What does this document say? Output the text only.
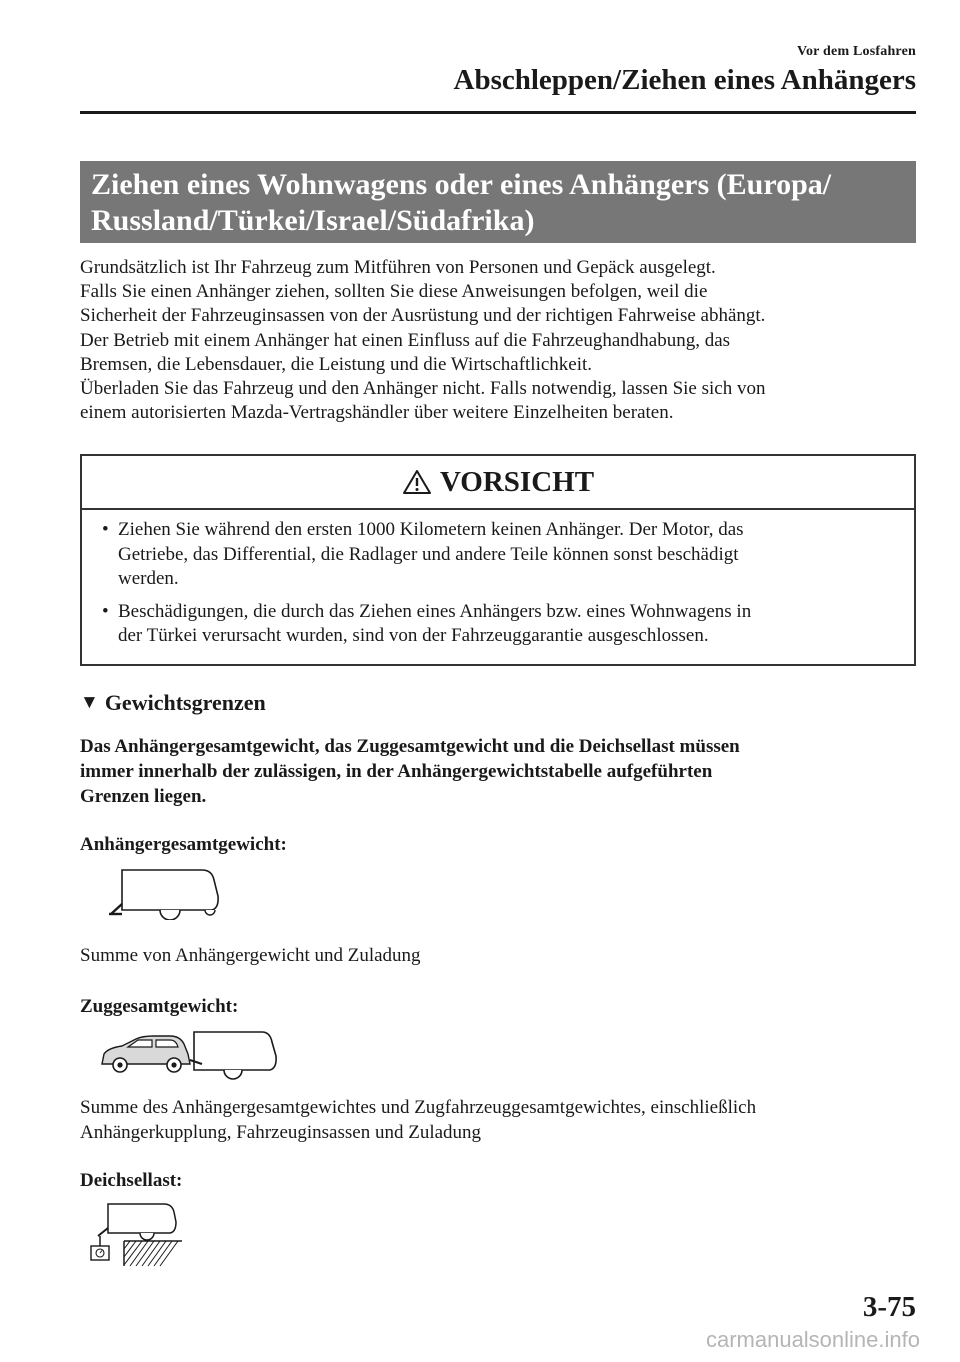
Vor dem Losfahren
Abschleppen/Ziehen eines Anhängers
Ziehen eines Wohnwagens oder eines Anhängers (Europa/
Russland/Türkei/Israel/Südafrika)

Grundsätzlich ist Ihr Fahrzeug zum Mitführen von Personen und Gepäck ausgelegt.

Falls Sie einen Anhänger ziehen, sollten Sie diese Anweisungen befolgen, weil die

Sicherheit der Fahrzeuginsassen von der Ausrüstung und der richtigen Fahrweise abhängt.

Der Betrieb mit einem Anhänger hat einen Einfluss auf die Fahrzeughandhabung, das

Bremsen, die Lebensdauer, die Leistung und die Wirtschaftlichkeit.

Überladen Sie das Fahrzeug und den Anhänger nicht. Falls notwendig, lassen Sie sich von

einem autorisierten Mazda-Vertragshändler über weitere Einzelheiten beraten.

VORSICHT
• Ziehen Sie während den ersten 1000 Kilometern keinen Anhänger. Der Motor, das
Getriebe, das Differential, die Radlager und andere Teile können sonst beschädigt
werden.
• Beschädigungen, die durch das Ziehen eines Anhängers bzw. eines Wohnwagens in
der Türkei verursacht wurden, sind von der Fahrzeuggarantie ausgeschlossen.
▼ Gewichtsgrenzen
Das Anhängergesamtgewicht, das Zuggesamtgewicht und die Deichsellast müssen
immer innerhalb der zulässigen, in der Anhängergewichtstabelle aufgeführten
Grenzen liegen.
Anhängergesamtgewicht:

Summe von Anhängergewicht und Zuladung

Zuggesamtgewicht:
Summe des Anhängergesamtgewichtes und Zugfahrzeuggesamtgewichtes, einschließlich
Anhängerkupplung, Fahrzeuginsassen und Zuladung
Deichsellast:
3-75
carmanualsonline.info
